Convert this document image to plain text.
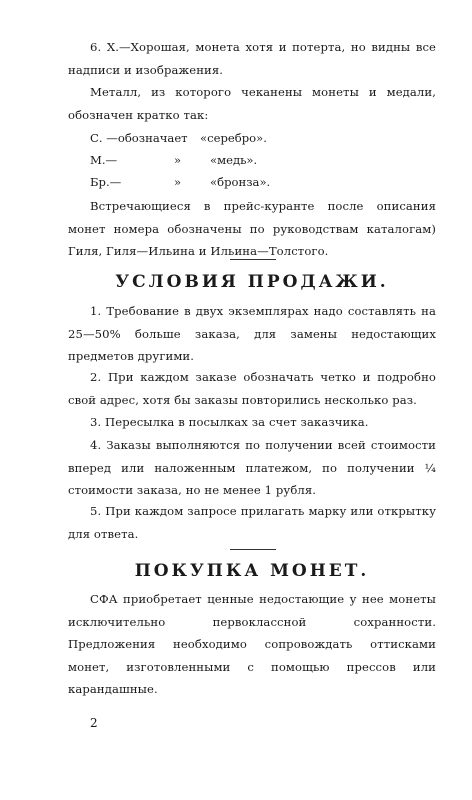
6. X.—Хорошая, монета хотя и потерта, но видны все надписи и изображения.

Металл, из которого чеканены монеты и медали, обозначен кратко так:

С. —обозначает «серебро».
М.—	» «медь».
Бр.—	» «бронза».

Встречающиеся в прейс-куранте после описания монет номера обозначены по руководствам каталогам) Гиля, Гиля—Ильина и Ильина—Толстого.

УСЛОВИЯ ПРОДАЖИ.

1. Требование в двух экземплярах надо составлять на 25—50% больше заказа, для замены недостающих предметов другими.

2. При каждом заказе обозначать четко и подробно свой адрес, хотя бы заказы повторились несколько раз.

3. Пересылка в посылках за счет заказчика.

4. Заказы выполняются по получении всей стоимости вперед или наложенным платежом, по получении ¼ стоимости заказа, но не менее 1 рубля.

5. При каждом запросе прилагать марку или открытку для ответа.

ПОКУПКА МОНЕТ.

СФА приобретает ценные недостающие у нее монеты исключительно первоклассной сохранности. Предложения необходимо сопровождать оттисками монет, изготовленными с помощью прессов или карандашные.

2
